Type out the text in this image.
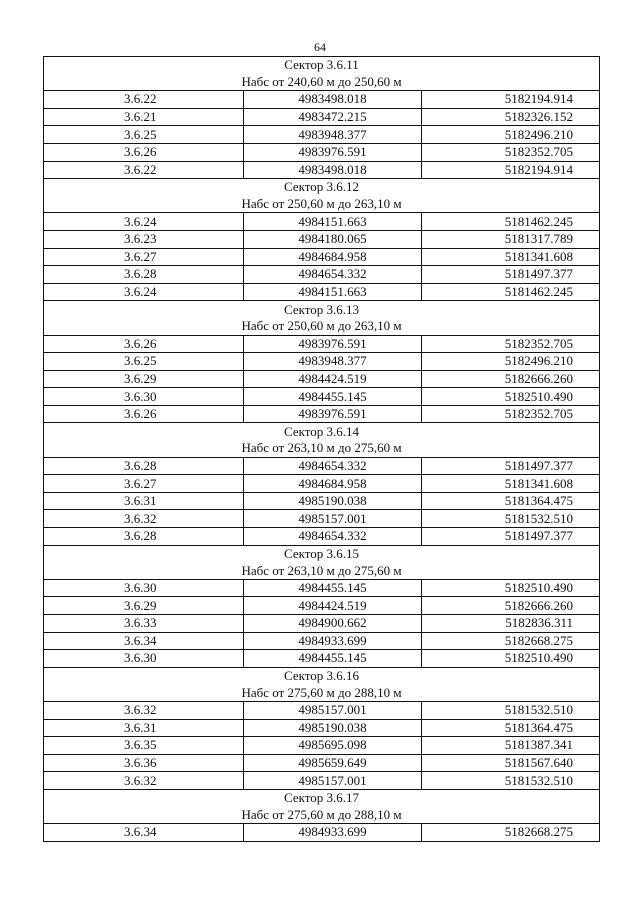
64
Сектор 3.6.11		
Набс от 240,60 м до 250,60 м		
3.6.22	4983498.018	5182194.914
3.6.21	4983472.215	5182326.152
3.6.25	4983948.377	5182496.210
3.6.26	4983976.591	5182352.705
3.6.22	4983498.018	5182194.914
Сектор 3.6.12		
Набс от 250,60 м до 263,10 м		
3.6.24	4984151.663	5181462.245
3.6.23	4984180.065	5181317.789
3.6.27	4984684.958	5181341.608
3.6.28	4984654.332	5181497.377
3.6.24	4984151.663	5181462.245
Сектор 3.6.13		
Набс от 250,60 м до 263,10 м		
3.6.26	4983976.591	5182352.705
3.6.25	4983948.377	5182496.210
3.6.29	4984424.519	5182666.260
3.6.30	4984455.145	5182510.490
3.6.26	4983976.591	5182352.705
Сектор 3.6.14		
Набс от 263,10 м до 275,60 м		
3.6.28	4984654.332	5181497.377
3.6.27	4984684.958	5181341.608
3.6.31	4985190.038	5181364.475
3.6.32	4985157.001	5181532.510
3.6.28	4984654.332	5181497.377
Сектор 3.6.15		
Набс от 263,10 м до 275,60 м		
3.6.30	4984455.145	5182510.490
3.6.29	4984424.519	5182666.260
3.6.33	4984900.662	5182836.311
3.6.34	4984933.699	5182668.275
3.6.30	4984455.145	5182510.490
Сектор 3.6.16		
Набс от 275,60 м до 288,10 м		
3.6.32	4985157.001	5181532.510
3.6.31	4985190.038	5181364.475
3.6.35	4985695.098	5181387.341
3.6.36	4985659.649	5181567.640
3.6.32	4985157.001	5181532.510
Сектор 3.6.17		
Набс от 275,60 м до 288,10 м		
3.6.34	4984933.699	5182668.275
